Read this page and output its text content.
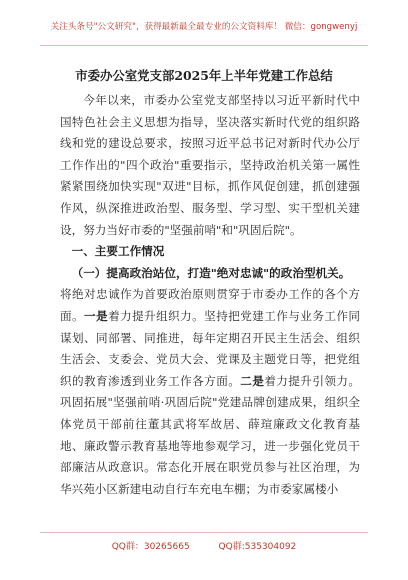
关注头条号"公文研究"，获得最新最全最专业的公文资料库！ 微信：gongwenyj
市委办公室党支部2025年上半年党建工作总结

今年以来，市委办公室党支部坚持以习近平新时代中国特色社会主义思想为指导，坚决落实新时代党的组织路线和党的建设总要求，按照习近平总书记对新时代办公厅工作作出的"四个政治"重要指示，坚持政治机关第一属性紧紧围绕加快实现"双进"目标，抓作风促创建，抓创建强作风，纵深推进政治型、服务型、学习型、实干型机关建设，努力当好市委的"坚强前哨"和"巩固后院"。

一、主要工作情况

（一）提高政治站位，打造"绝对忠诚"的政治型机关。

将绝对忠诚作为首要政治原则贯穿于市委办工作的各个方面。一是着力提升组织力。坚持把党建工作与业务工作同谋划、同部署、同推进，每年定期召开民主生活会、组织生活会、支委会、党员大会、党课及主题党日等，把党组织的教育渗透到业务工作各方面。二是着力提升引领力。巩固拓展"坚强前哨·巩固后院"党建品牌创建成果，组织全体党员干部前往董其武将军故居、薛瑄廉政文化教育基地、廉政警示教育基地等地参观学习，进一步强化党员干部廉洁从政意识。常态化开展在职党员参与社区治理，为华兴苑小区新建电动自行车充电车棚；为市委家属楼小

QQ群：30265665	QQ群:535304092
